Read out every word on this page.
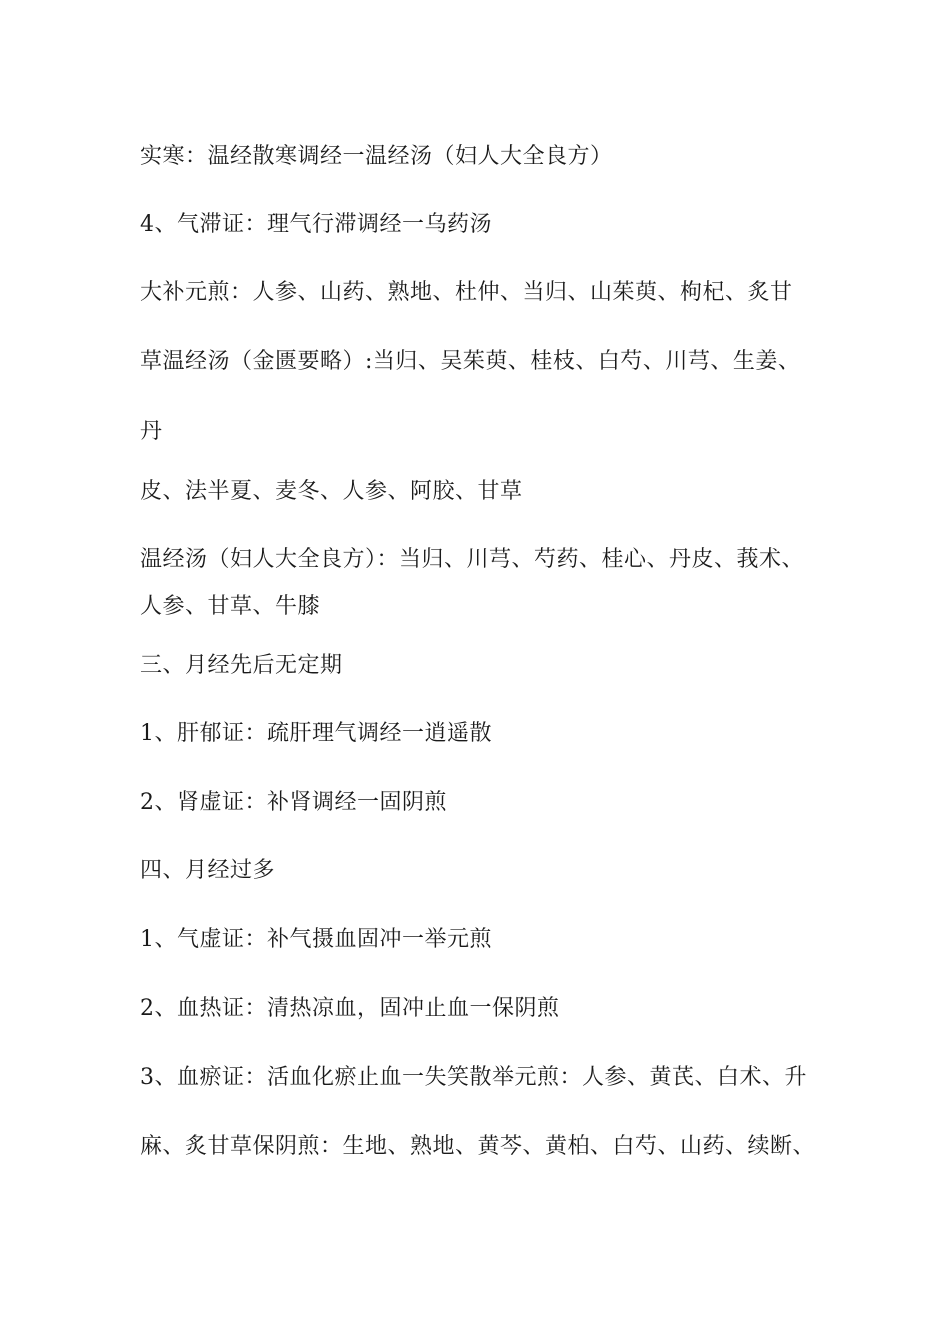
实寒：温经散寒调经一温经汤（妇人大全良方）
4、气滞证：理气行滞调经一乌药汤
大补元煎：人参、山药、熟地、杜仲、当归、山茱萸、枸杞、炙甘
草温经汤（金匮要略）:当归、吴茱萸、桂枝、白芍、川芎、生姜、
丹
皮、法半夏、麦冬、人参、阿胶、甘草
温经汤（妇人大全良方）：当归、川芎、芍药、桂心、丹皮、莪术、
人参、甘草、牛膝
三、月经先后无定期
1、肝郁证：疏肝理气调经一逍遥散
2、肾虚证：补肾调经一固阴煎
四、月经过多
1、气虚证：补气摄血固冲一举元煎
2、血热证：清热凉血，固冲止血一保阴煎
3、血瘀证：活血化瘀止血一失笑散举元煎：人参、黄芪、白术、升
麻、炙甘草保阴煎：生地、熟地、黄芩、黄柏、白芍、山药、续断、
